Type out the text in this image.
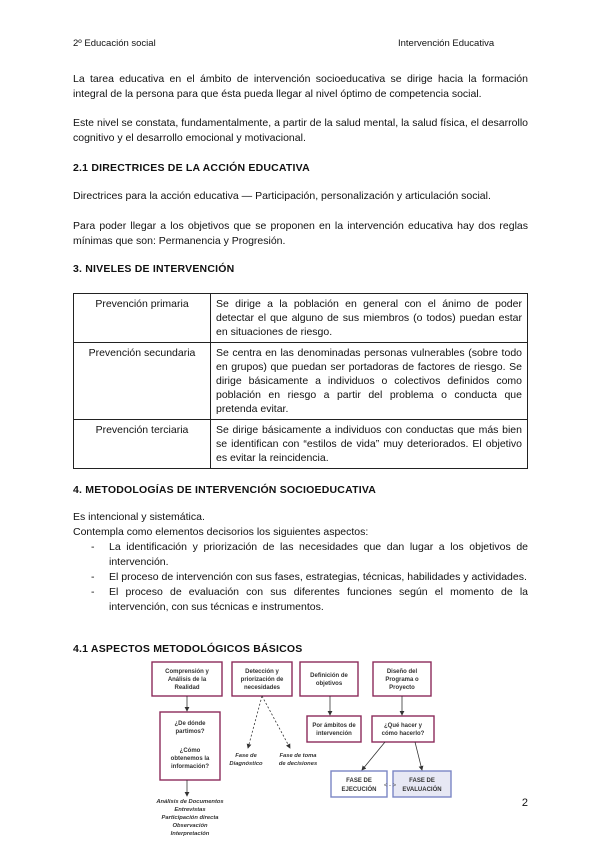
2º Educación social	Intervención Educativa
La tarea educativa en el ámbito de intervención socioeducativa se dirige hacia la formación integral de la persona para que ésta pueda llegar al nivel óptimo de competencia social.
Este nivel se constata, fundamentalmente, a partir de la salud mental, la salud física, el desarrollo cognitivo y el desarrollo emocional y motivacional.
2.1 DIRECTRICES DE LA ACCIÓN EDUCATIVA
Directrices para la acción educativa — Participación, personalización y articulación social.
Para poder llegar a los objetivos que se proponen en la intervención educativa hay dos reglas mínimas que son: Permanencia y Progresión.
3. NIVELES DE INTERVENCIÓN
Prevención primaria	Se dirige a la población en general con el ánimo de poder detectar el que alguno de sus miembros (o todos) puedan estar en situaciones de riesgo.
Prevención secundaria	Se centra en las denominadas personas vulnerables (sobre todo en grupos) que puedan ser portadoras de factores de riesgo. Se dirige básicamente a individuos o colectivos definidos como población en riesgo a partir del problema o conducta que pretenda evitar.
Prevención terciaria	Se dirige básicamente a individuos con conductas que más bien se identifican con “estilos de vida” muy deteriorados. El objetivo es evitar la reincidencia.
4. METODOLOGÍAS DE INTERVENCIÓN SOCIOEDUCATIVA
Es intencional y sistemática.
Contempla como elementos decisorios los siguientes aspectos:
- La identificación y priorización de las necesidades que dan lugar a los objetivos de intervención.
- El proceso de intervención con sus fases, estrategias, técnicas, habilidades y actividades.
- El proceso de evaluación con sus diferentes funciones según el momento de la intervención, con sus técnicas e instrumentos.
4.1 ASPECTOS METODOLÓGICOS BÁSICOS
Comprensión y
Análisis de la
Realidad
Detección y
priorización de
necesidades
Definición de
objetivos
Diseño del
Programa o
Proyecto
¿De dónde
partimos?
¿Cómo
obtenemos la
información?
Por ámbitos de
intervención
¿Qué hacer y
cómo hacerlo?
FASE DE
EJECUCIÓN
FASE DE
EVALUACIÓN
Fase de
Diagnóstico
Fase de toma
de decisiones
Análisis de Documentos
Entrevistas
Participación directa
Observación
Interpretación
< - >
2
